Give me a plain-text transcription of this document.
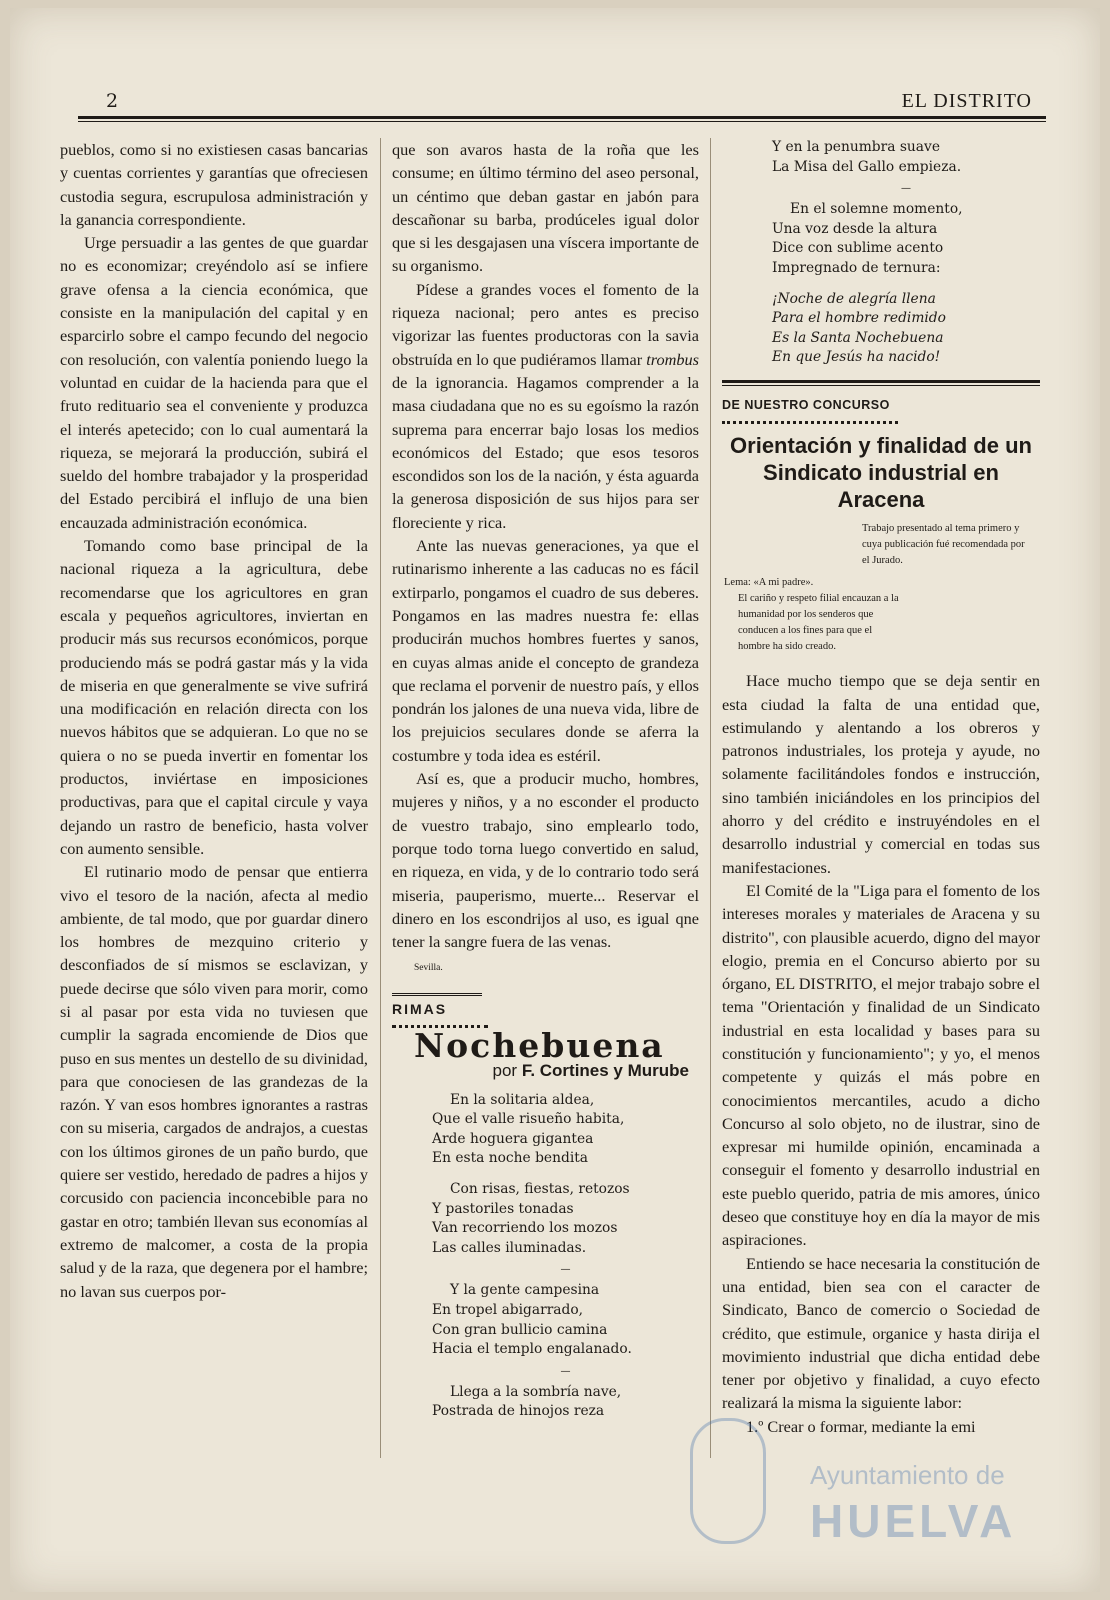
2	EL DISTRITO

pueblos, como si no existiesen casas bancarias y cuentas corrientes y garantías que ofreciesen custodia segura, escrupulosa administración y la ganancia correspondiente.

Urge persuadir a las gentes de que guardar no es economizar; creyéndolo así se infiere grave ofensa a la ciencia económica, que consiste en la manipulación del capital y en esparcirlo sobre el campo fecundo del negocio con resolución, con valentía poniendo luego la voluntad en cuidar de la hacienda para que el fruto redituario sea el conveniente y produzca el interés apetecido; con lo cual aumentará la riqueza, se mejorará la producción, subirá el sueldo del hombre trabajador y la prosperidad del Estado percibirá el influjo de una bien encauzada administración económica.

Tomando como base principal de la nacional riqueza a la agricultura, debe recomendarse que los agricultores en gran escala y pequeños agricultores, inviertan en producir más sus recursos económicos, porque produciendo más se podrá gastar más y la vida de miseria en que generalmente se vive sufrirá una modificación en relación directa con los nuevos hábitos que se adquieran. Lo que no se quiera o no se pueda invertir en fomentar los productos, inviértase en imposiciones productivas, para que el capital circule y vaya dejando un rastro de beneficio, hasta volver con aumento sensible.

El rutinario modo de pensar que entierra vivo el tesoro de la nación, afecta al medio ambiente, de tal modo, que por guardar dinero los hombres de mezquino criterio y desconfiados de sí mismos se esclavizan, y puede decirse que sólo viven para morir, como si al pasar por esta vida no tuviesen que cumplir la sagrada encomiende de Dios que puso en sus mentes un destello de su divinidad, para que conociesen de las grandezas de la razón. Y van esos hombres ignorantes a rastras con su miseria, cargados de andrajos, a cuestas con los últimos girones de un paño burdo, que quiere ser vestido, heredado de padres a hijos y corcusido con paciencia inconcebible para no gastar en otro; también llevan sus economías al extremo de malcomer, a costa de la propia salud y de la raza, que degenera por el hambre; no lavan sus cuerpos por-

que son avaros hasta de la roña que les consume; en último término del aseo personal, un céntimo que deban gastar en jabón para descañonar su barba, prodúceles igual dolor que si les desgajasen una víscera importante de su organismo.

Pídese a grandes voces el fomento de la riqueza nacional; pero antes es preciso vigorizar las fuentes productoras con la savia obstruída en lo que pudiéramos llamar trombus de la ignorancia. Hagamos comprender a la masa ciudadana que no es su egoísmo la razón suprema para encerrar bajo losas los medios económicos del Estado; que esos tesoros escondidos son los de la nación, y ésta aguarda la generosa disposición de sus hijos para ser floreciente y rica.

Ante las nuevas generaciones, ya que el rutinarismo inherente a las caducas no es fácil extirparlo, pongamos el cuadro de sus deberes. Pongamos en las madres nuestra fe: ellas producirán muchos hombres fuertes y sanos, en cuyas almas anide el concepto de grandeza que reclama el porvenir de nuestro país, y ellos pondrán los jalones de una nueva vida, libre de los prejuicios seculares donde se aferra la costumbre y toda idea es estéril.

Así es, que a producir mucho, hombres, mujeres y niños, y a no esconder el producto de vuestro trabajo, sino emplearlo todo, porque todo torna luego convertido en salud, en riqueza, en vida, y de lo contrario todo será miseria, pauperismo, muerte... Reservar el dinero en los escondrijos al uso, es igual qne tener la sangre fuera de las venas.

Sevilla.
RIMAS
Nochebuena
por F. Cortines y Murube
En la solitaria aldea,
Que el valle risueño habita,
Arde hoguera gigantea
En esta noche bendita
Con risas, fiestas, retozos
Y pastoriles tonadas
Van recorriendo los mozos
Las calles iluminadas.
—
Y la gente campesina
En tropel abigarrado,
Con gran bullicio camina
Hacia el templo engalanado.
—
Llega a la sombría nave,
Postrada de hinojos reza
Y en la penumbra suave
La Misa del Gallo empieza.
—
En el solemne momento,
Una voz desde la altura
Dice con sublime acento
Impregnado de ternura:
¡Noche de alegría llena
Para el hombre redimido
Es la Santa Nochebuena
En que Jesús ha nacido!
DE NUESTRO CONCURSO
Orientación y finalidad de un Sindicato industrial en Aracena
Trabajo presentado al tema primero y cuya publicación fué recomendada por el Jurado.
Lema: «A mi padre».
El cariño y respeto filial encauzan a la humanidad por los senderos que conducen a los fines para que el hombre ha sido creado.

Hace mucho tiempo que se deja sentir en esta ciudad la falta de una entidad que, estimulando y alentando a los obreros y patronos industriales, los proteja y ayude, no solamente facilitándoles fondos e instrucción, sino también iniciándoles en los principios del ahorro y del crédito e instruyéndoles en el desarrollo industrial y comercial en todas sus manifestaciones.

El Comité de la "Liga para el fomento de los intereses morales y materiales de Aracena y su distrito", con plausible acuerdo, digno del mayor elogio, premia en el Concurso abierto por su órgano, EL DISTRITO, el mejor trabajo sobre el tema "Orientación y finalidad de un Sindicato industrial en esta localidad y bases para su constitución y funcionamiento"; y yo, el menos competente y quizás el más pobre en conocimientos mercantiles, acudo a dicho Concurso al solo objeto, no de ilustrar, sino de expresar mi humilde opinión, encaminada a conseguir el fomento y desarrollo industrial en este pueblo querido, patria de mis amores, único deseo que constituye hoy en día la mayor de mis aspiraciones.

Entiendo se hace necesaria la constitución de una entidad, bien sea con el caracter de Sindicato, Banco de comercio o Sociedad de crédito, que estimule, organice y hasta dirija el movimiento industrial que dicha entidad debe tener por objetivo y finalidad, a cuyo efecto realizará la misma la siguiente labor:

1.º Crear o formar, mediante la emi

Ayuntamiento de
HUELVA
